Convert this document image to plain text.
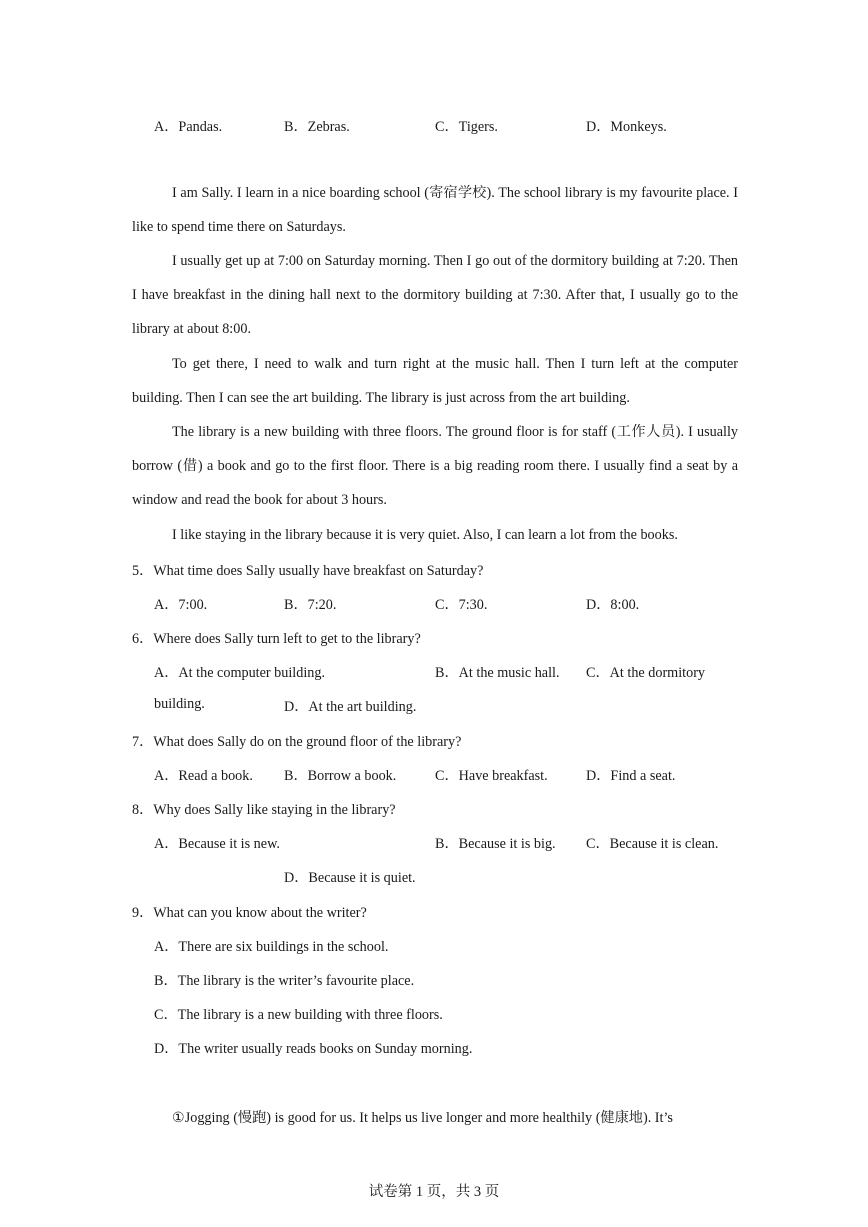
A．Pandas.	B．Zebras.	C．Tigers.	D．Monkeys.
I am Sally. I learn in a nice boarding school (寄宿学校). The school library is my favourite place. I like to spend time there on Saturdays.
I usually get up at 7:00 on Saturday morning. Then I go out of the dormitory building at 7:20. Then I have breakfast in the dining hall next to the dormitory building at 7:30. After that, I usually go to the library at about 8:00.
To get there, I need to walk and turn right at the music hall. Then I turn left at the computer building. Then I can see the art building. The library is just across from the art building.
The library is a new building with three floors. The ground floor is for staff (工作人员). I usually borrow (借) a book and go to the first floor. There is a big reading room there. I usually find a seat by a window and read the book for about 3 hours.
I like staying in the library because it is very quiet. Also, I can learn a lot from the books.
5．What time does Sally usually have breakfast on Saturday?
A．7:00.	B．7:20.	C．7:30.	D．8:00.
6．Where does Sally turn left to get to the library?
A．At the computer building.	B．At the music hall. C．At the dormitory
building.	D．At the art building.
7．What does Sally do on the ground floor of the library?
A．Read a book. B．Borrow a book.	C．Have breakfast.	D．Find a seat.
8．Why does Sally like staying in the library?
A．Because it is new.	B．Because it is big. C．Because it is clean.
D．Because it is quiet.
9．What can you know about the writer?
A．There are six buildings in the school.
B．The library is the writer’s favourite place.
C．The library is a new building with three floors.
D．The writer usually reads books on Sunday morning.
①Jogging (慢跑) is good for us. It helps us live longer and more healthily (健康地). It’s
试卷第 1 页，共 3 页
